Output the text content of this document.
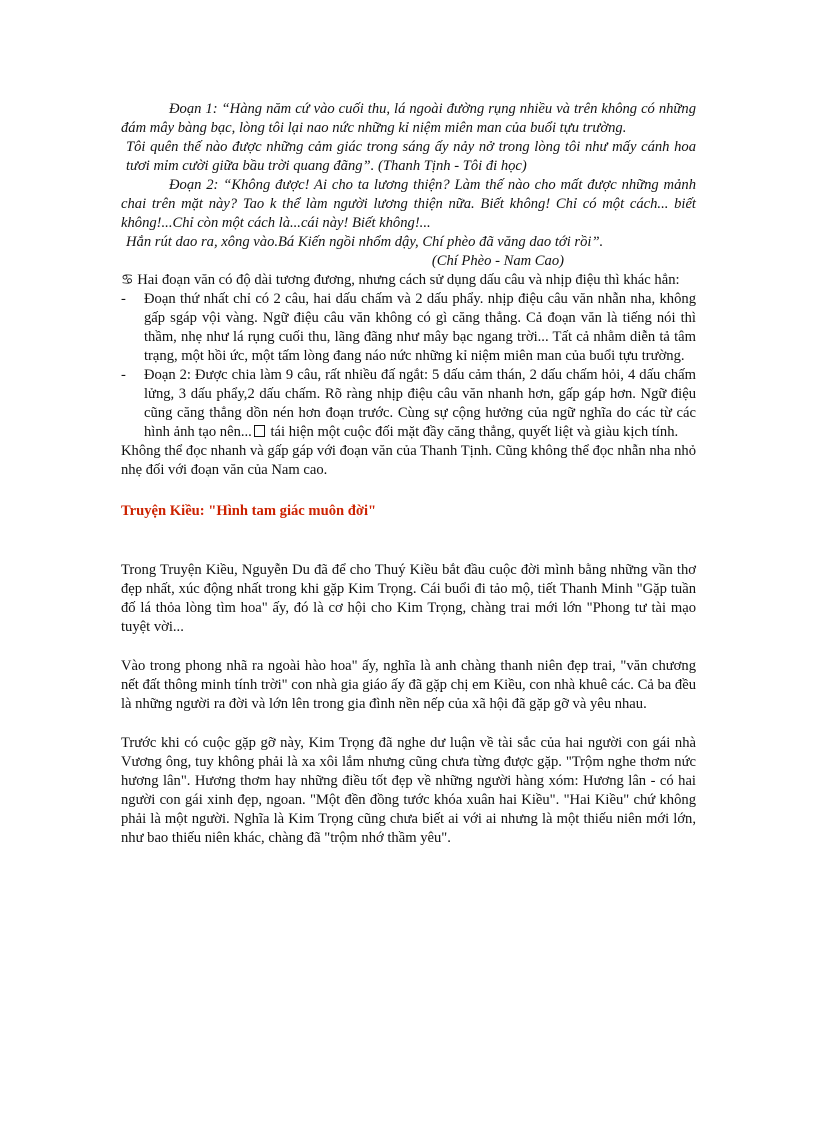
Đoạn 1: “Hàng năm cứ vào cuối thu, lá ngoài đường rụng nhiều và trên không có những đám mây bàng bạc, lòng tôi lại nao nức những kỉ niệm miên man của buổi tựu trường.

Tôi quên thế nào được những cảm giác trong sáng ấy nảy nở trong lòng tôi như mấy cánh hoa tươi mỉm cười giữa bầu trời quang đãng”. (Thanh Tịnh - Tôi đi học)

Đoạn 2: “Không được! Ai cho ta lương thiện? Làm thế nào cho mất được những mảnh chai trên mặt này? Tao k thể làm người lương thiện nữa. Biết không! Chỉ có một cách... biết không!...Chỉ còn một cách là...cái này! Biết không!...

Hắn rút dao ra, xông vào.Bá Kiến ngồi nhổm dậy, Chí phèo đã văng dao tới rồi”.

(Chí Phèo - Nam Cao)

♋ Hai đoạn văn có độ dài tương đương, nhưng cách sử dụng dấu câu và nhịp điệu thì khác hẳn:

- Đoạn thứ nhất chỉ có 2 câu, hai dấu chấm và 2 dấu phẩy. nhịp điệu câu văn nhẫn nha, không gấp sgáp vội vàng. Ngữ điệu câu văn không có gì căng thẳng. Cả đoạn văn là tiếng nói thì thầm, nhẹ như lá rụng cuối thu, lãng đãng như mây bạc ngang trời... Tất cả nhằm diễn tả tâm trạng, một hồi ức, một tấm lòng đang náo nức những kỉ niệm miên man của buổi tựu trường.
- Đoạn 2: Được chia làm 9 câu, rất nhiều đấ ngắt: 5 dấu cảm thán, 2 dấu chấm hỏi, 4 dấu chấm lửng, 3 dấu phẩy,2 dấu chấm. Rõ ràng nhịp điệu câu văn nhanh hơn, gấp gáp hơn. Ngữ điệu cũng căng thẳng dồn nén hơn đoạn trước. Cùng sự cộng hưởng của ngữ nghĩa do các từ các hình ảnh tạo nên... tái hiện một cuộc đối mặt đầy căng thẳng, quyết liệt và giàu kịch tính.

Không thể đọc nhanh và gấp gáp với đoạn văn của Thanh Tịnh. Cũng không thể đọc nhẫn nha nhỏ nhẹ đối với đoạn văn của Nam cao.

Truyện Kiều: "Hình tam giác muôn đời"

Trong Truyện Kiều, Nguyễn Du đã để cho Thuý Kiều bắt đầu cuộc đời mình bằng những vần thơ đẹp nhất, xúc động nhất trong khi gặp Kim Trọng. Cái buổi đi tảo mộ, tiết Thanh Minh "Gặp tuần đố lá thỏa lòng tìm hoa" ấy, đó là cơ hội cho Kim Trọng, chàng trai mới lớn "Phong tư tài mạo tuyệt vời...

Vào trong phong nhã ra ngoài hào hoa" ấy, nghĩa là anh chàng thanh niên đẹp trai, "văn chương nết đất thông minh tính trời" con nhà gia giáo ấy đã gặp chị em Kiều, con nhà khuê các. Cả ba đều là những người ra đời và lớn lên trong gia đình nền nếp của xã hội đã gặp gỡ và yêu nhau.

Trước khi có cuộc gặp gỡ này, Kim Trọng đã nghe dư luận về tài sắc của hai người con gái nhà Vương ông, tuy không phải là xa xôi lắm nhưng cũng chưa từng được gặp. "Trộm nghe thơm nức hương lân". Hương thơm hay những điều tốt đẹp về những người hàng xóm: Hương lân - có hai người con gái xinh đẹp, ngoan. "Một đền đồng tước khóa xuân hai Kiều". "Hai Kiều" chứ không phải là một người. Nghĩa là Kim Trọng cũng chưa biết ai với ai nhưng là một thiếu niên mới lớn, như bao thiếu niên khác, chàng đã "trộm nhớ thầm yêu".
